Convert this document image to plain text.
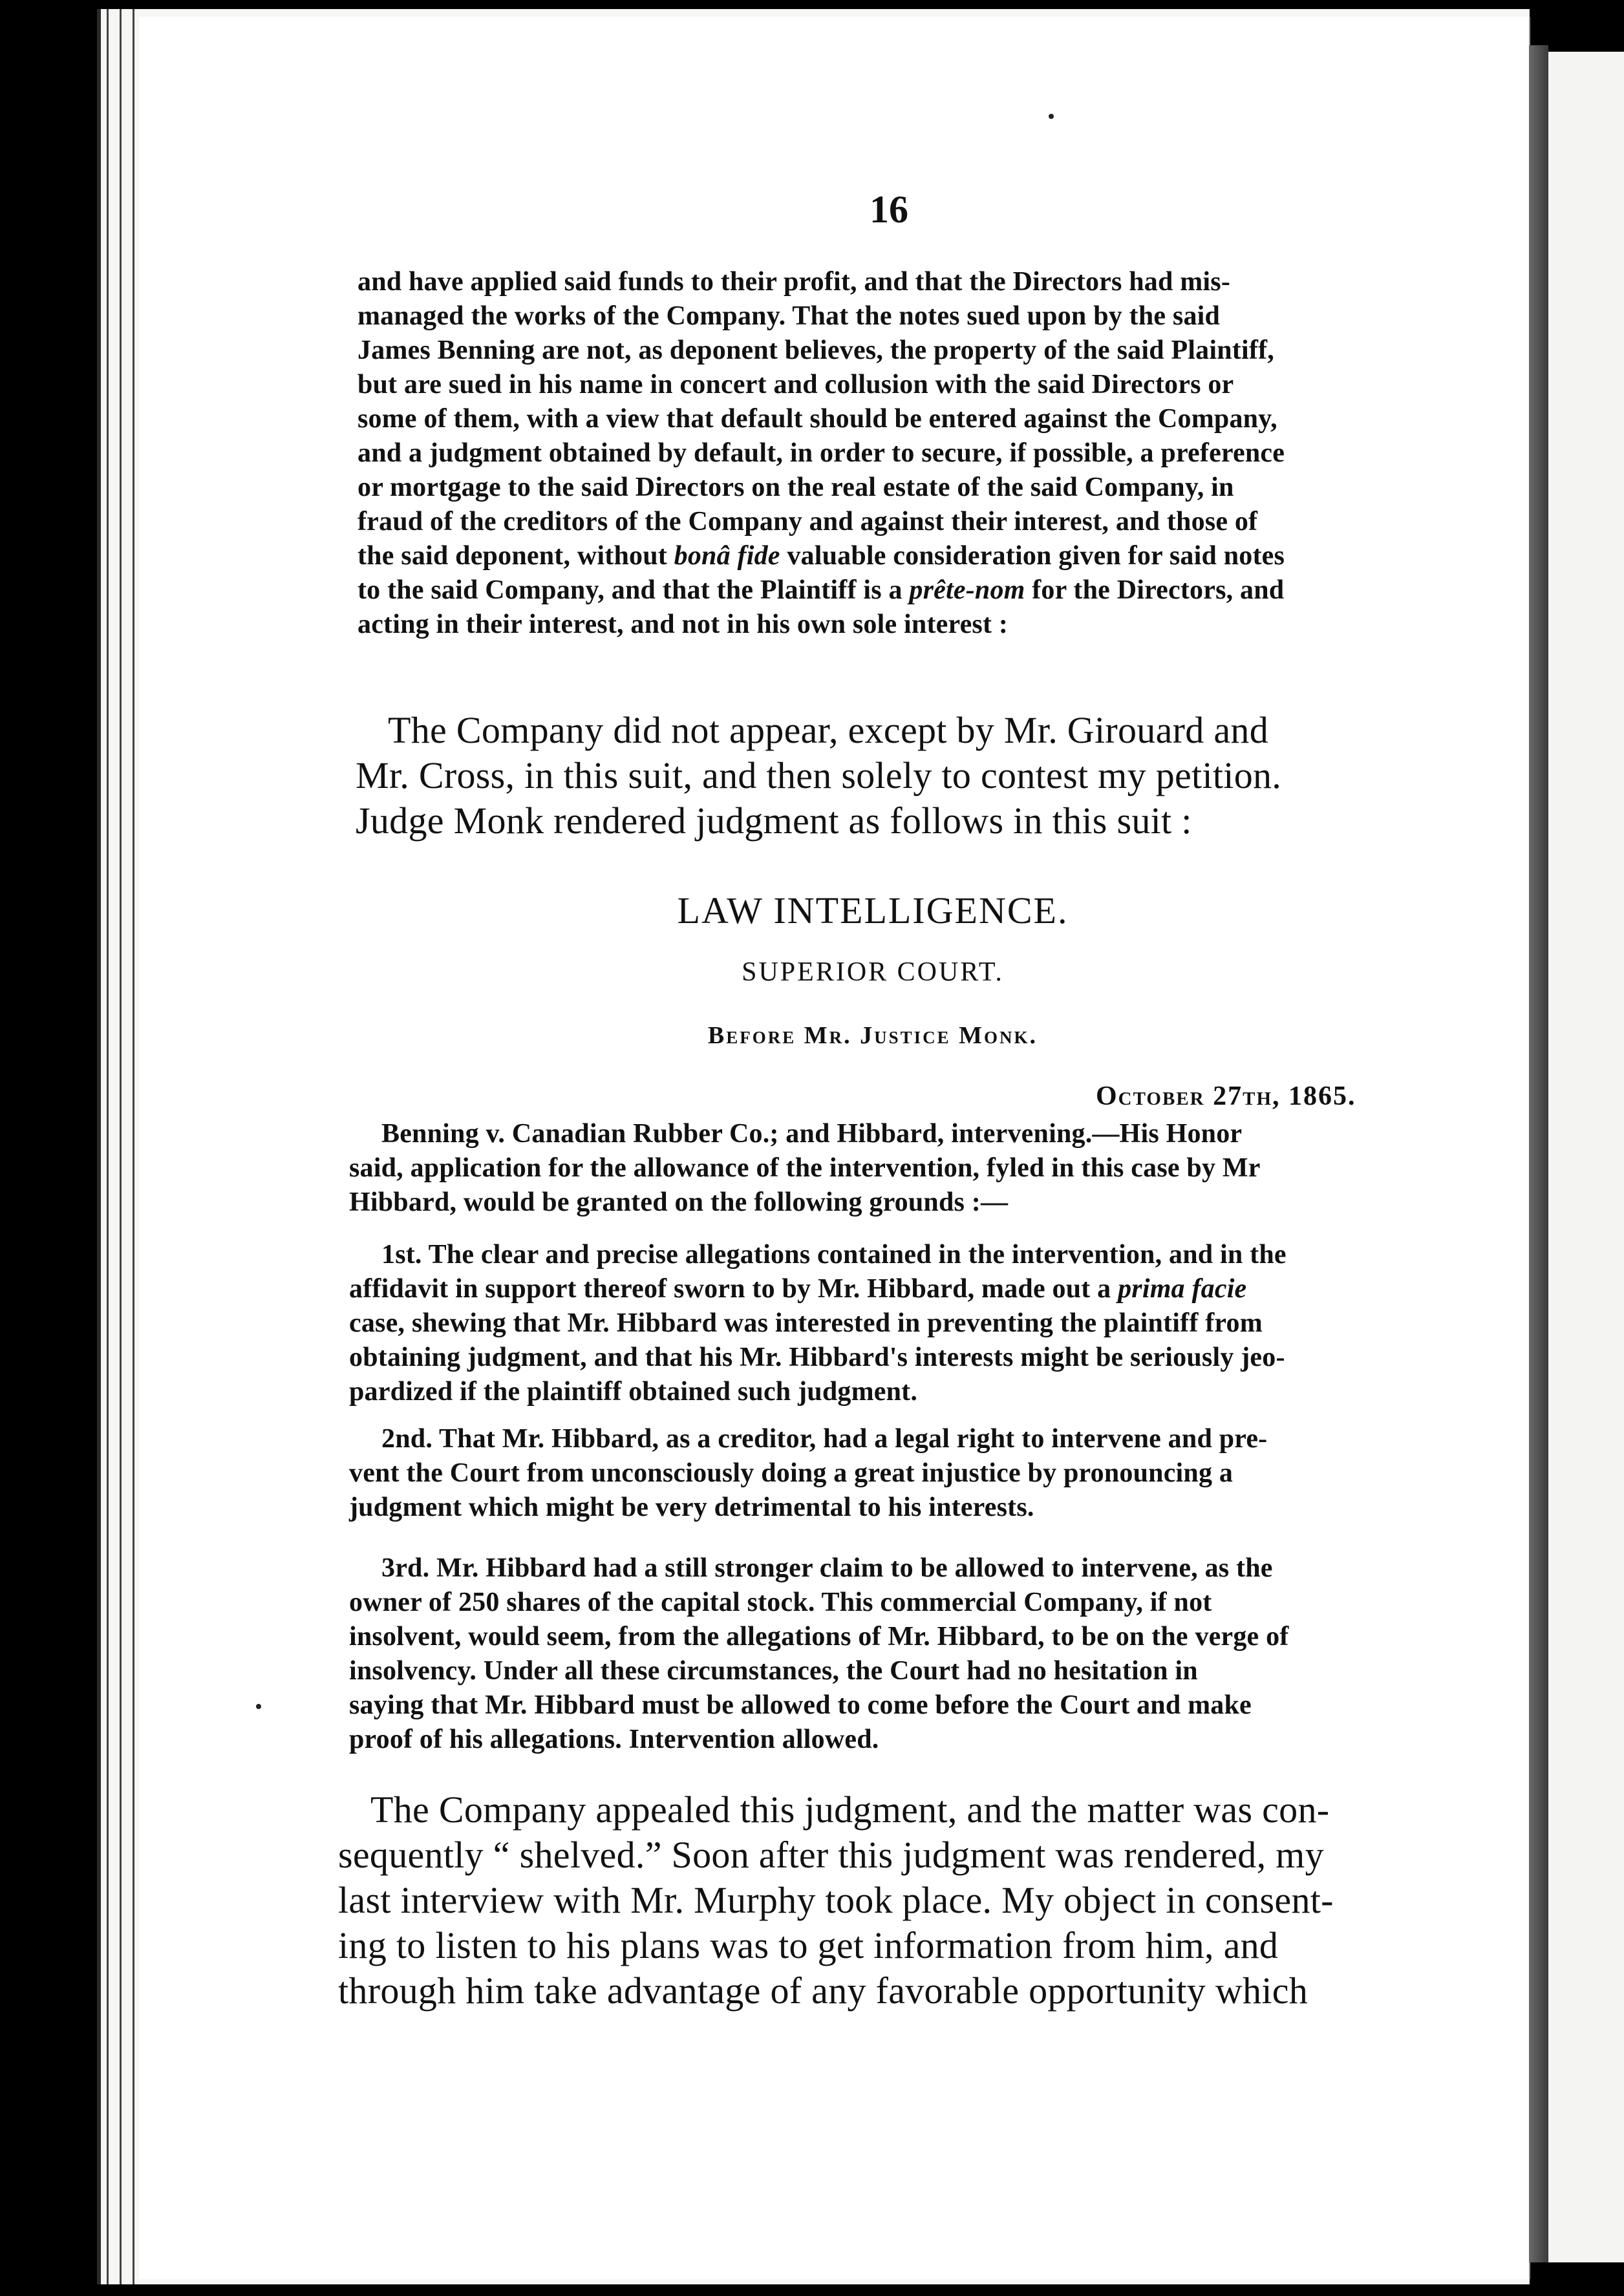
16
and have applied said funds to their profit, and that the Directors had mis-
managed the works of the Company. That the notes sued upon by the said
James Benning are not, as deponent believes, the property of the said Plaintiff,
but are sued in his name in concert and collusion with the said Directors or
some of them, with a view that default should be entered against the Company,
and a judgment obtained by default, in order to secure, if possible, a preference
or mortgage to the said Directors on the real estate of the said Company, in
fraud of the creditors of the Company and against their interest, and those of
the said deponent, without bonâ fide valuable consideration given for said notes
to the said Company, and that the Plaintiff is a prête-nom for the Directors, and
acting in their interest, and not in his own sole interest :
The Company did not appear, except by Mr. Girouard and
Mr. Cross, in this suit, and then solely to contest my petition.
Judge Monk rendered judgment as follows in this suit :
LAW INTELLIGENCE.
SUPERIOR COURT.
Before Mr. Justice Monk.
October 27th, 1865.
Benning v. Canadian Rubber Co.; and Hibbard, intervening.—His Honor
said, application for the allowance of the intervention, fyled in this case by Mr
Hibbard, would be granted on the following grounds :—
1st. The clear and precise allegations contained in the intervention, and in the
affidavit in support thereof sworn to by Mr. Hibbard, made out a prima facie
case, shewing that Mr. Hibbard was interested in preventing the plaintiff from
obtaining judgment, and that his Mr. Hibbard's interests might be seriously jeo-
pardized if the plaintiff obtained such judgment.
2nd. That Mr. Hibbard, as a creditor, had a legal right to intervene and pre-
vent the Court from unconsciously doing a great injustice by pronouncing a
judgment which might be very detrimental to his interests.
3rd. Mr. Hibbard had a still stronger claim to be allowed to intervene, as the
owner of 250 shares of the capital stock. This commercial Company, if not
insolvent, would seem, from the allegations of Mr. Hibbard, to be on the verge of
insolvency. Under all these circumstances, the Court had no hesitation in
saying that Mr. Hibbard must be allowed to come before the Court and make
proof of his allegations. Intervention allowed.
The Company appealed this judgment, and the matter was con-
sequently “ shelved.” Soon after this judgment was rendered, my
last interview with Mr. Murphy took place. My object in consent-
ing to listen to his plans was to get information from him, and
through him take advantage of any favorable opportunity which
